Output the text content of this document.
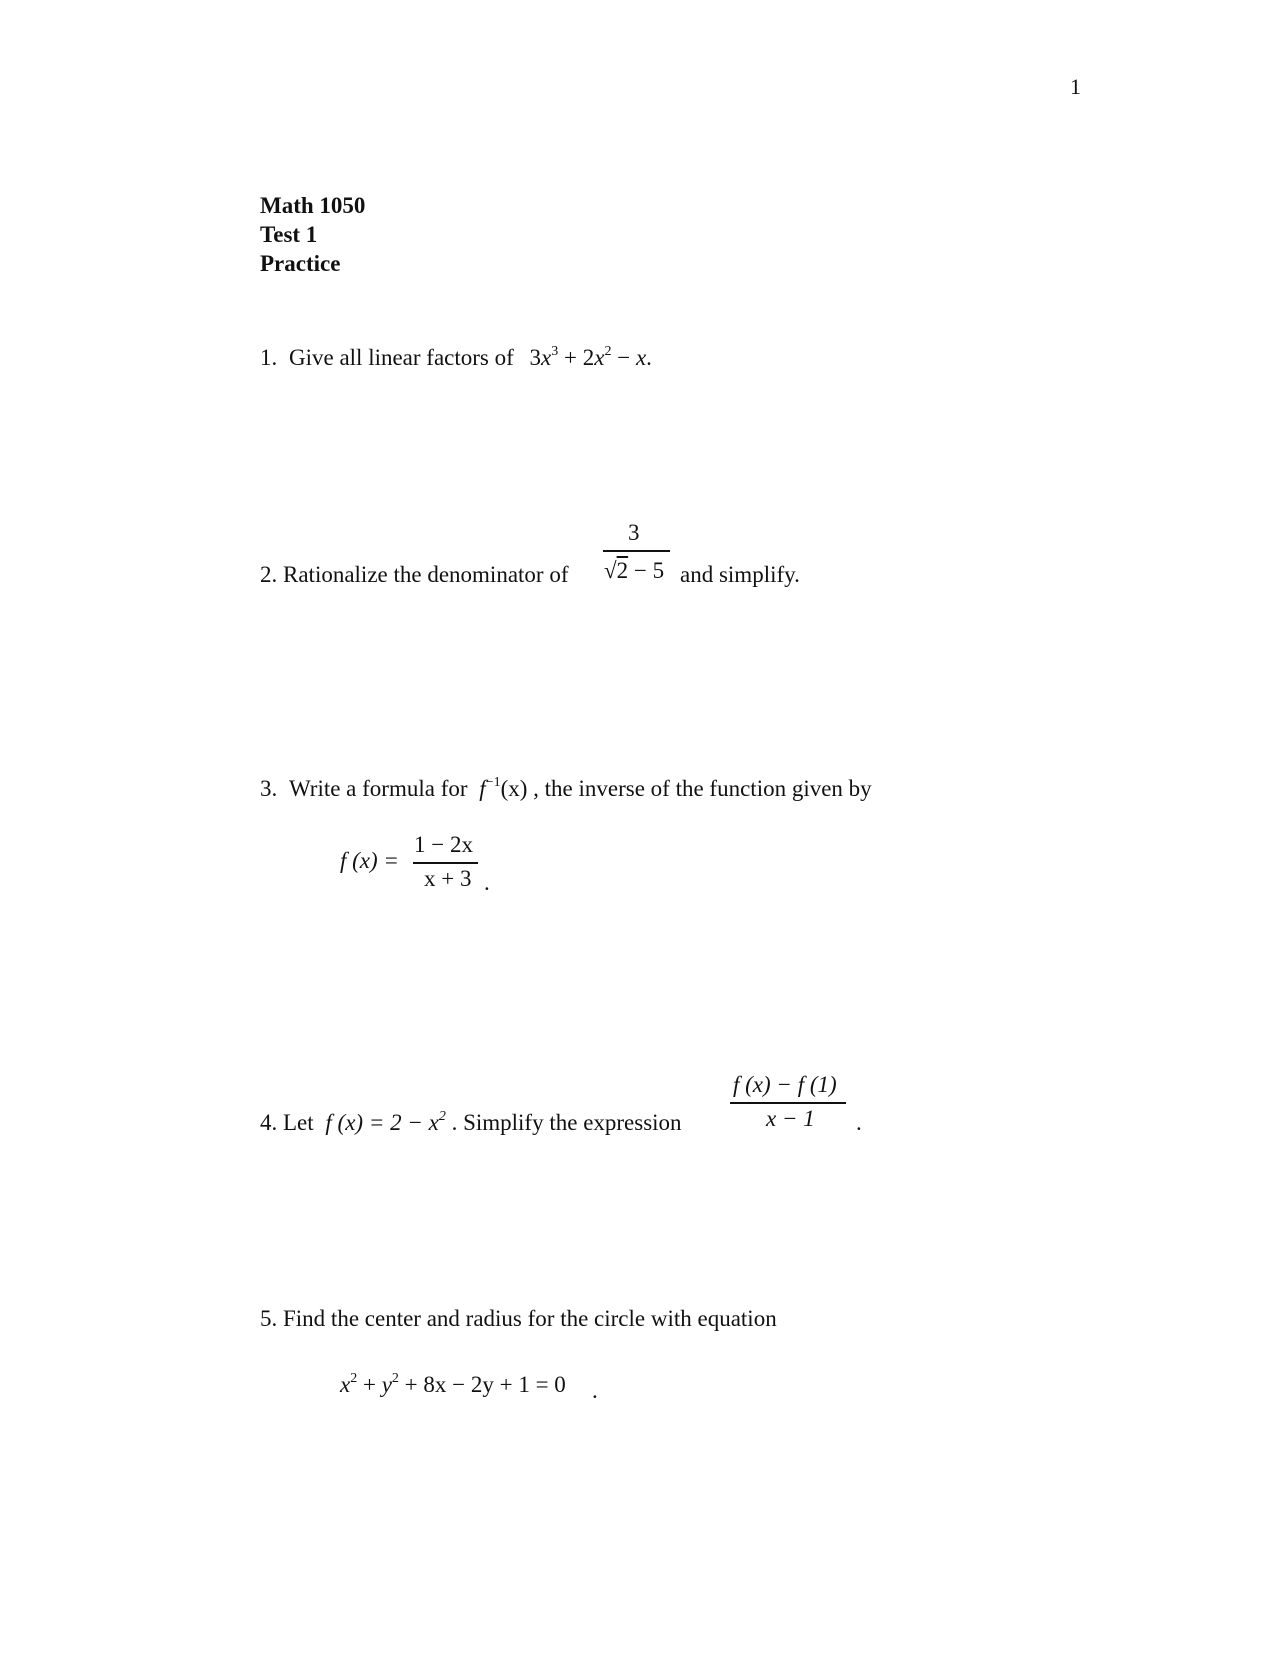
1
Math 1050
Test 1
Practice
1. Give all linear factors of $3x^3 + 2x^2 - x$.
3
2. Rationalize the denominator of √2 − 5 and simplify.
3. Write a formula for $f^{-1}(x)$ , the inverse of the function given by
f (x) =
1 − 2x
x + 3 .
4. Let f $(x) = 2 - x^2$ . Simplify the expression
f (x) − f (1)
x − 1 .
5. Find the center and radius for the circle with equation
$x^2 + y^2 + 8x - 2y + 1 = 0$ .
